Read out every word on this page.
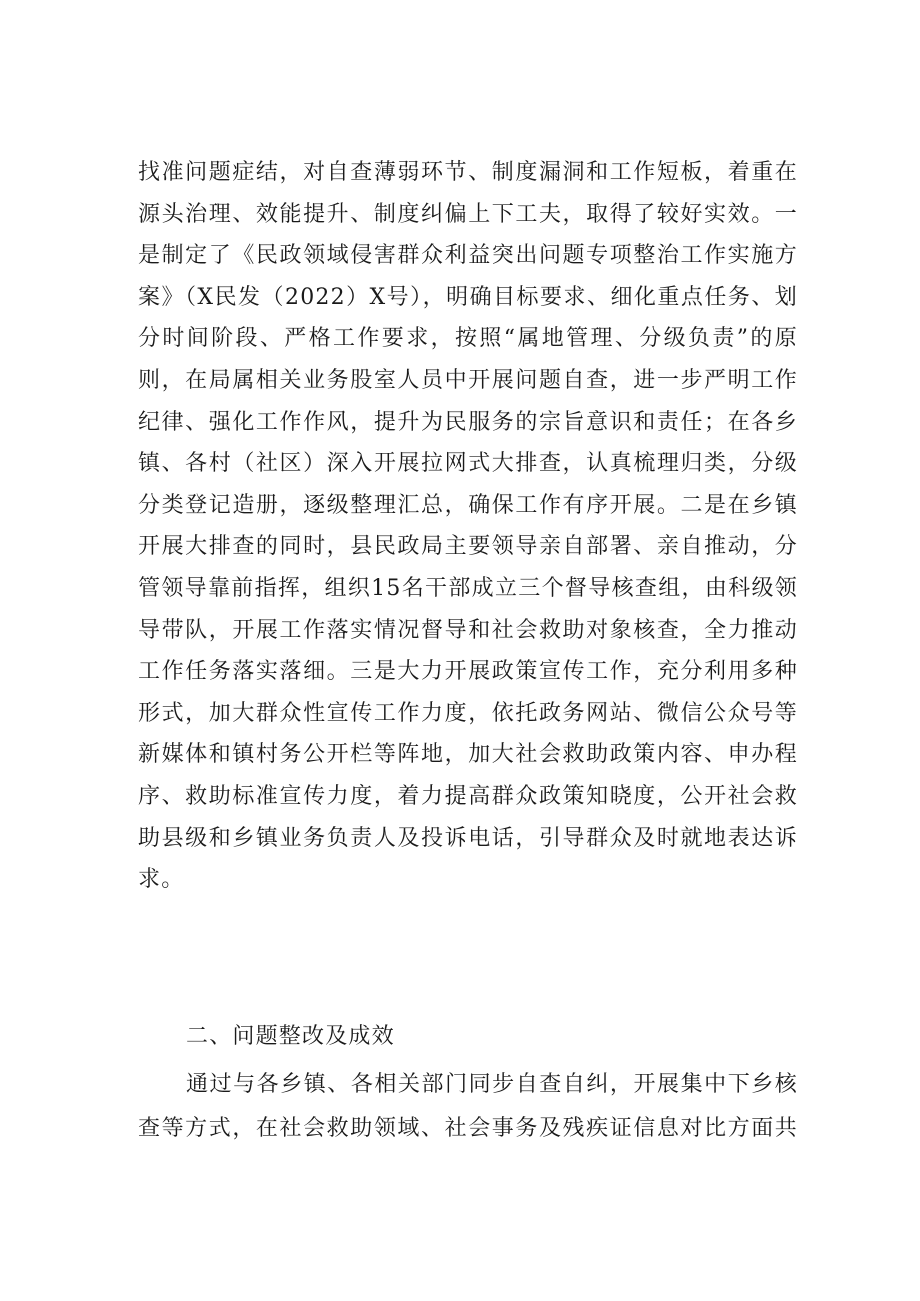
找准问题症结，对自查薄弱环节、制度漏洞和工作短板，着重在
源头治理、效能提升、制度纠偏上下工夫，取得了较好实效。一
是制定了《民政领域侵害群众利益突出问题专项整治工作实施方
案》（X民发（2022）X号），明确目标要求、细化重点任务、划
分时间阶段、严格工作要求，按照“属地管理、分级负责”的原
则，在局属相关业务股室人员中开展问题自查，进一步严明工作
纪律、强化工作作风，提升为民服务的宗旨意识和责任；在各乡
镇、各村（社区）深入开展拉网式大排查，认真梳理归类，分级
分类登记造册，逐级整理汇总，确保工作有序开展。二是在乡镇
开展大排查的同时，县民政局主要领导亲自部署、亲自推动，分
管领导靠前指挥，组织15名干部成立三个督导核查组，由科级领
导带队，开展工作落实情况督导和社会救助对象核查，全力推动
工作任务落实落细。三是大力开展政策宣传工作，充分利用多种
形式，加大群众性宣传工作力度，依托政务网站、微信公众号等
新媒体和镇村务公开栏等阵地，加大社会救助政策内容、申办程
序、救助标准宣传力度，着力提高群众政策知晓度，公开社会救
助县级和乡镇业务负责人及投诉电话，引导群众及时就地表达诉
求。
二、问题整改及成效
通过与各乡镇、各相关部门同步自查自纠，开展集中下乡核
查等方式，在社会救助领域、社会事务及残疾证信息对比方面共
